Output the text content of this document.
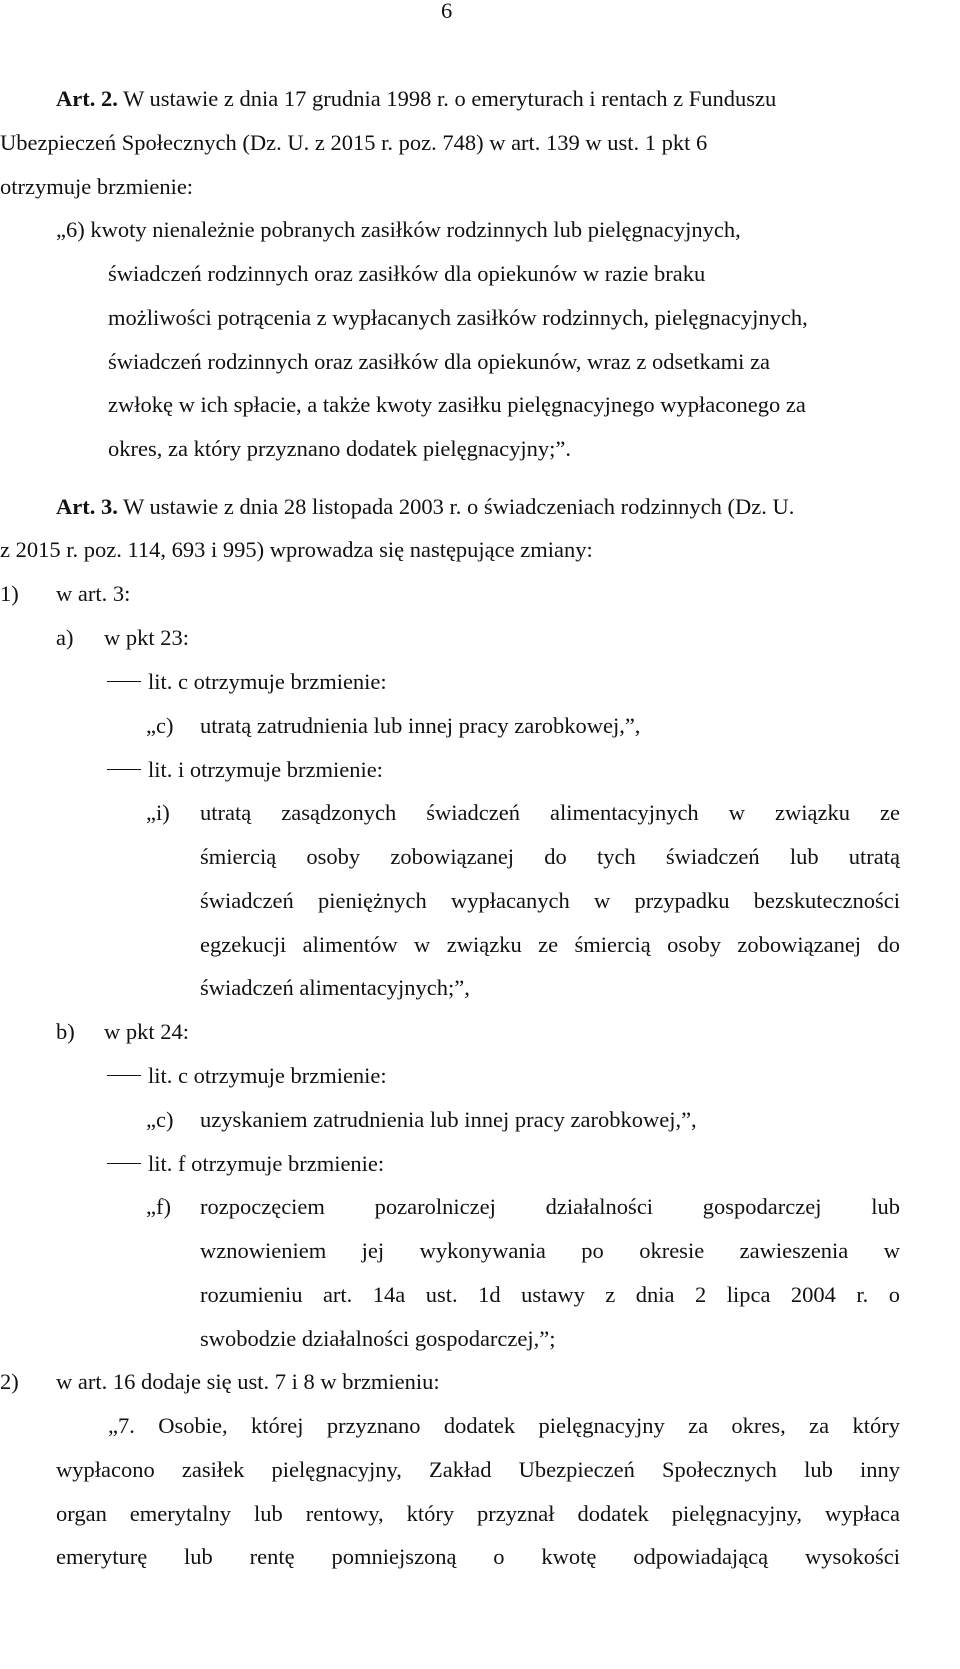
6
Art. 2. W ustawie z dnia 17 grudnia 1998 r. o emeryturach i rentach z Funduszu
Ubezpieczeń Społecznych (Dz. U. z 2015 r. poz. 748) w art. 139 w ust. 1 pkt 6
otrzymuje brzmienie:
„6) kwoty nienależnie pobranych zasiłków rodzinnych lub pielęgnacyjnych,
świadczeń rodzinnych oraz zasiłków dla opiekunów w razie braku
możliwości potrącenia z wypłacanych zasiłków rodzinnych, pielęgnacyjnych,
świadczeń rodzinnych oraz zasiłków dla opiekunów, wraz z odsetkami za
zwłokę w ich spłacie, a także kwoty zasiłku pielęgnacyjnego wypłaconego za
okres, za który przyznano dodatek pielęgnacyjny;”.
Art. 3. W ustawie z dnia 28 listopada 2003 r. o świadczeniach rodzinnych (Dz. U.
z 2015 r. poz. 114, 693 i 995) wprowadza się następujące zmiany:
1) w art. 3:
a) w pkt 23:
lit. c otrzymuje brzmienie:
„c) utratą zatrudnienia lub innej pracy zarobkowej,”,
lit. i otrzymuje brzmienie:
„i) utratą zasądzonych świadczeń alimentacyjnych w związku ze
śmiercią osoby zobowiązanej do tych świadczeń lub utratą
świadczeń pieniężnych wypłacanych w przypadku bezskuteczności
egzekucji alimentów w związku ze śmiercią osoby zobowiązanej do
świadczeń alimentacyjnych;”,
b) w pkt 24:
lit. c otrzymuje brzmienie:
„c) uzyskaniem zatrudnienia lub innej pracy zarobkowej,”,
lit. f otrzymuje brzmienie:
„f) rozpoczęciem pozarolniczej działalności gospodarczej lub
wznowieniem jej wykonywania po okresie zawieszenia w
rozumieniu art. 14a ust. 1d ustawy z dnia 2 lipca 2004 r. o
swobodzie działalności gospodarczej,”;
2) w art. 16 dodaje się ust. 7 i 8 w brzmieniu:
„7. Osobie, której przyznano dodatek pielęgnacyjny za okres, za który
wypłacono zasiłek pielęgnacyjny, Zakład Ubezpieczeń Społecznych lub inny
organ emerytalny lub rentowy, który przyznał dodatek pielęgnacyjny, wypłaca
emeryturę lub rentę pomniejszoną o kwotę odpowiadającą wysokości
